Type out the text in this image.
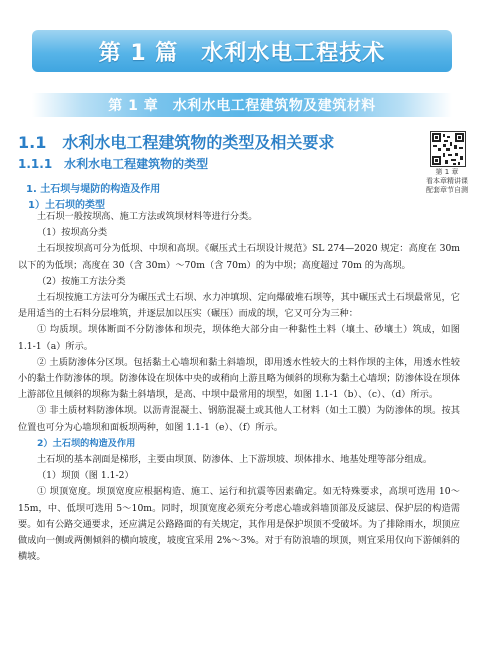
第 1 篇　水利水电工程技术
第 1 章　水利水电工程建筑物及建筑材料
1.1　水利水电工程建筑物的类型及相关要求
1.1.1　水利水电工程建筑物的类型
第 1 章
看本章精讲课
配套章节自测
1. 土石坝与堤防的构造及作用
1）土石坝的类型

土石坝一般按坝高、施工方法或筑坝材料等进行分类。

（1）按坝高分类

土石坝按坝高可分为低坝、中坝和高坝。《碾压式土石坝设计规范》SL 274—2020 规定：高度在 30m 以下的为低坝；高度在 30（含 30m）～70m（含 70m）的为中坝；高度超过 70m 的为高坝。

（2）按施工方法分类

土石坝按施工方法可分为碾压式土石坝、水力冲填坝、定向爆破堆石坝等，其中碾压式土石坝最常见，它是用适当的土石料分层堆筑，并逐层加以压实（碾压）而成的坝，它又可分为三种：

① 均质坝。坝体断面不分防渗体和坝壳，坝体绝大部分由一种黏性土料（壤土、砂壤土）筑成，如图 1.1-1（a）所示。

② 土质防渗体分区坝。包括黏土心墙坝和黏土斜墙坝，即用透水性较大的土料作坝的主体，用透水性较小的黏土作防渗体的坝。防渗体设在坝体中央的或稍向上游且略为倾斜的坝称为黏土心墙坝；防渗体设在坝体上游部位且倾斜的坝称为黏土斜墙坝，是高、中坝中最常用的坝型，如图 1.1-1（b）、（c）、（d）所示。

③ 非土质材料防渗体坝。以沥青混凝土、钢筋混凝土或其他人工材料（如土工膜）为防渗体的坝。按其位置也可分为心墙坝和面板坝两种，如图 1.1-1（e）、（f）所示。

2）土石坝的构造及作用

土石坝的基本剖面是梯形，主要由坝顶、防渗体、上下游坝坡、坝体排水、地基处理等部分组成。

（1）坝顶（图 1.1-2）

① 坝顶宽度。坝顶宽度应根据构造、施工、运行和抗震等因素确定。如无特殊要求，高坝可选用 10～15m，中、低坝可选用 5～10m。同时，坝顶宽度必须充分考虑心墙或斜墙顶部及反滤层、保护层的构造需要。如有公路交通要求，还应满足公路路面的有关规定，其作用是保护坝顶不受破坏。为了排除雨水，坝顶应做成向一侧或两侧倾斜的横向坡度，坡度宜采用 2%～3%。对于有防浪墙的坝顶，则宜采用仅向下游倾斜的横坡。
